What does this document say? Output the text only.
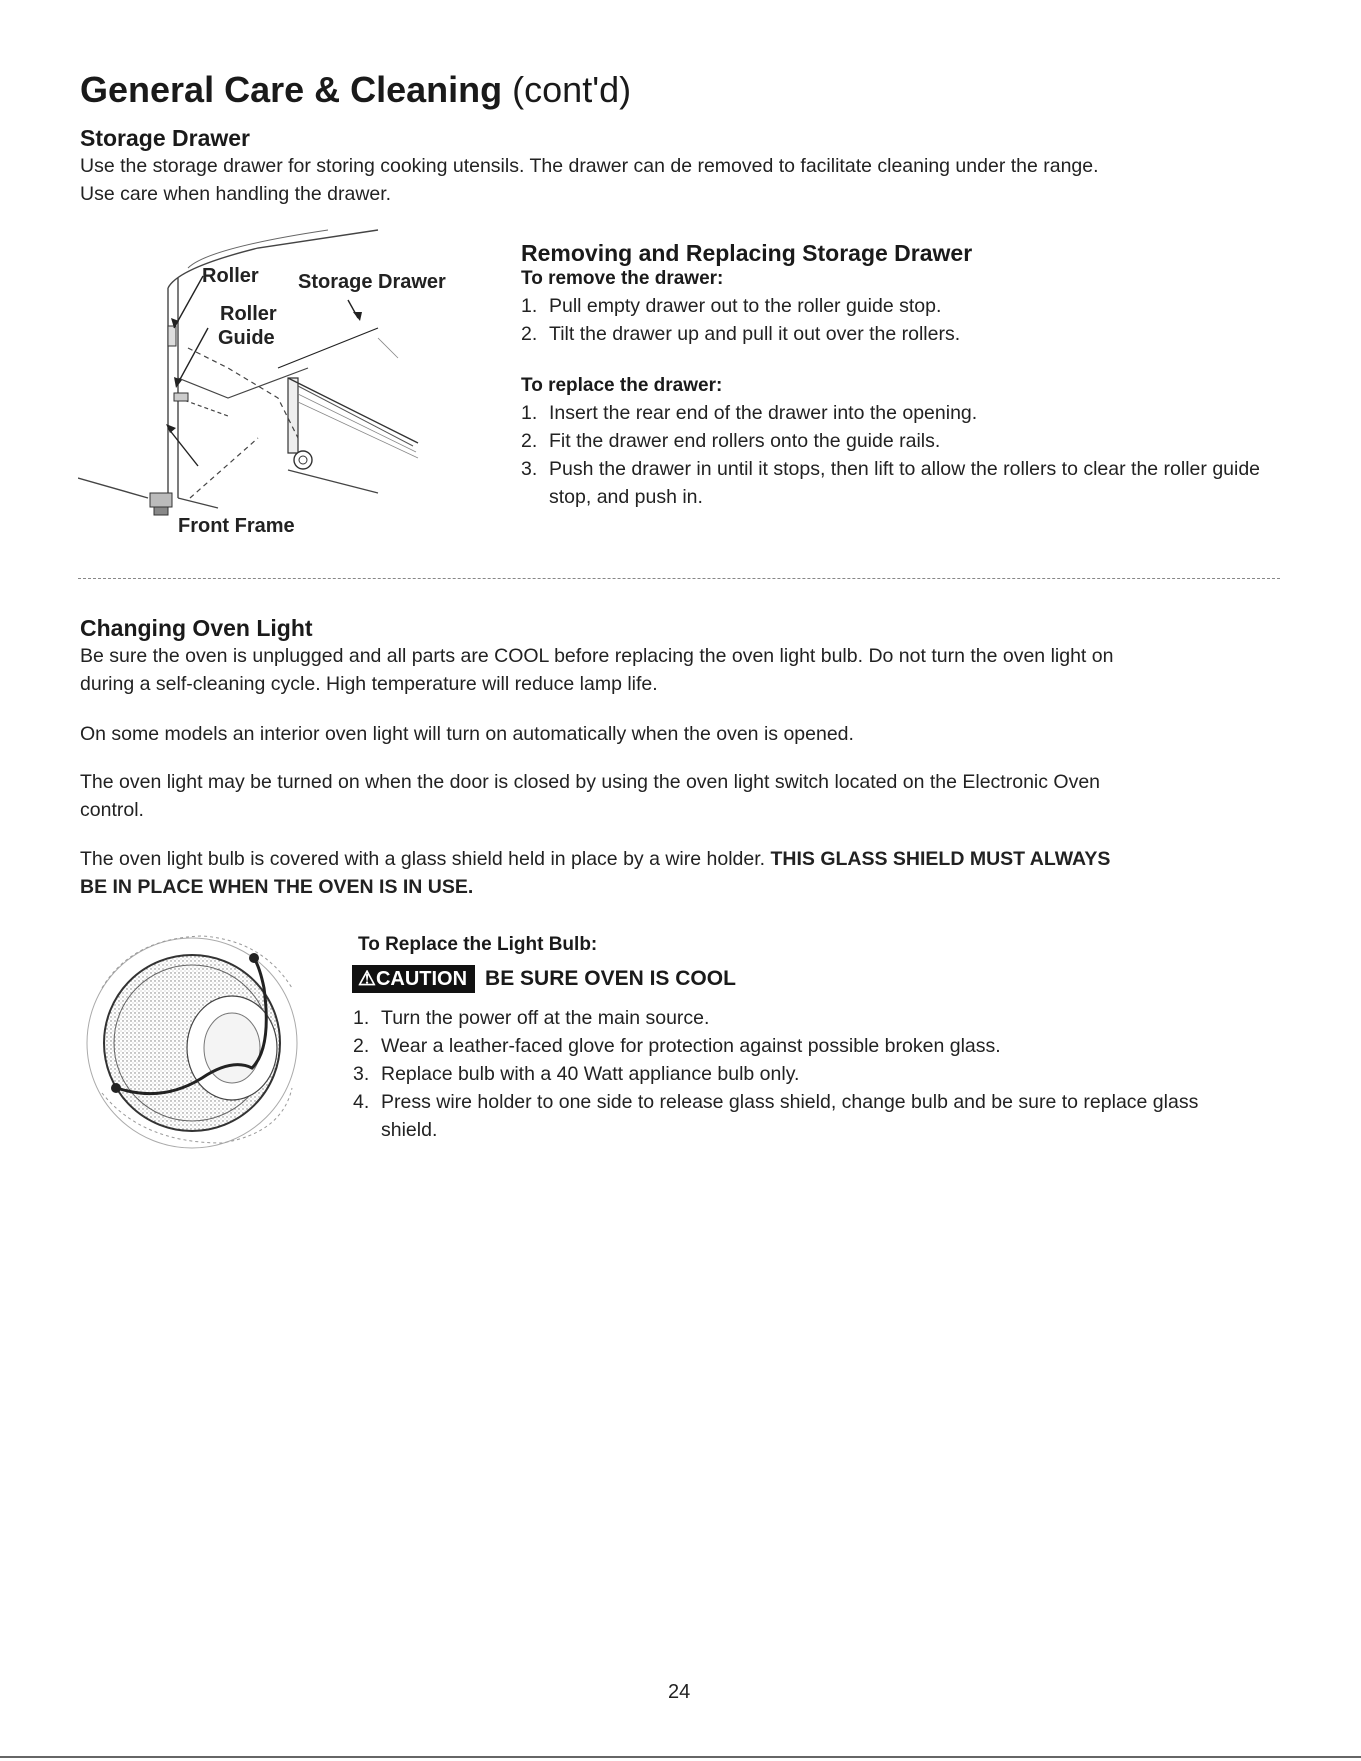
General Care & Cleaning (cont'd)
Storage Drawer
Use the storage drawer for storing cooking utensils. The drawer can de removed to facilitate cleaning under the range.
Use care when handling the drawer.
Roller Storage Drawer
Roller
Guide
Front Frame
Removing and Replacing Storage Drawer
To remove the drawer:
1. Pull empty drawer out to the roller guide stop.
2. Tilt the drawer up and pull it out over the rollers.
To replace the drawer:
1. Insert the rear end of the drawer into the opening.
2. Fit the drawer end rollers onto the guide rails.
3. Push the drawer in until it stops, then lift to allow the rollers to clear the roller guide stop, and push in.
Changing Oven Light
Be sure the oven is unplugged and all parts are COOL before replacing the oven light bulb. Do not turn the oven light on
during a self-cleaning cycle. High temperature will reduce lamp life.
On some models an interior oven light will turn on automatically when the oven is opened.
The oven light may be turned on when the door is closed by using the oven light switch located on the Electronic Oven
control.
The oven light bulb is covered with a glass shield held in place by a wire holder. THIS GLASS SHIELD MUST ALWAYS
BE IN PLACE WHEN THE OVEN IS IN USE.
To Replace the Light Bulb:
⚠CAUTION BE SURE OVEN IS COOL
1. Turn the power off at the main source.
2. Wear a leather-faced glove for protection against possible broken glass.
3. Replace bulb with a 40 Watt appliance bulb only.
4. Press wire holder to one side to release glass shield, change bulb and be sure to replace glass shield.
24
